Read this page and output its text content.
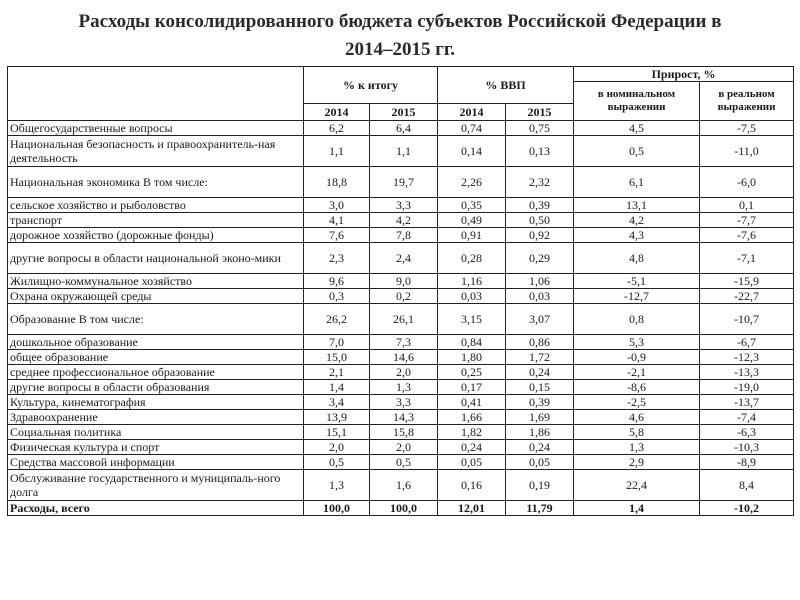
Расходы консолидированного бюджета субъектов Российской Федерации в
2014–2015 гг.
	% к итогу		% ВВП		Прирост, %	

					в номинальном выражении	в реальном выражении

	2014	2015	2014	2015		
Общегосударственные вопросы	6,2	6,4	0,74	0,75	4,5	-7,5
Национальная безопасность и правоохранитель-ная деятельность	1,1	1,1	0,14	0,13	0,5	-11,0
Национальная экономика В том числе:	18,8	19,7	2,26	2,32	6,1	-6,0
сельское хозяйство и рыболовство	3,0	3,3	0,35	0,39	13,1	0,1
транспорт	4,1	4,2	0,49	0,50	4,2	-7,7
дорожное хозяйство (дорожные фонды)	7,6	7,8	0,91	0,92	4,3	-7,6
другие вопросы в области национальной эконо-мики	2,3	2,4	0,28	0,29	4,8	-7,1
Жилищно-коммунальное хозяйство	9,6	9,0	1,16	1,06	-5,1	-15,9
Охрана окружающей среды	0,3	0,2	0,03	0,03	-12,7	-22,7
Образование В том числе:	26,2	26,1	3,15	3,07	0,8	-10,7
дошкольное образование	7,0	7,3	0,84	0,86	5,3	-6,7
общее образование	15,0	14,6	1,80	1,72	-0,9	-12,3
среднее профессиональное образование	2,1	2,0	0,25	0,24	-2,1	-13,3
другие вопросы в области образования	1,4	1,3	0,17	0,15	-8,6	-19,0
Культура, кинематография	3,4	3,3	0,41	0,39	-2,5	-13,7
Здравоохранение	13,9	14,3	1,66	1,69	4,6	-7,4
Социальная политика	15,1	15,8	1,82	1,86	5,8	-6,3
Физическая культура и спорт	2,0	2,0	0,24	0,24	1,3	-10,3
Средства массовой информации	0,5	0,5	0,05	0,05	2,9	-8,9
Обслуживание государственного и муниципаль-ного долга	1,3	1,6	0,16	0,19	22,4	8,4
Расходы, всего	100,0	100,0	12,01	11,79	1,4	-10,2
